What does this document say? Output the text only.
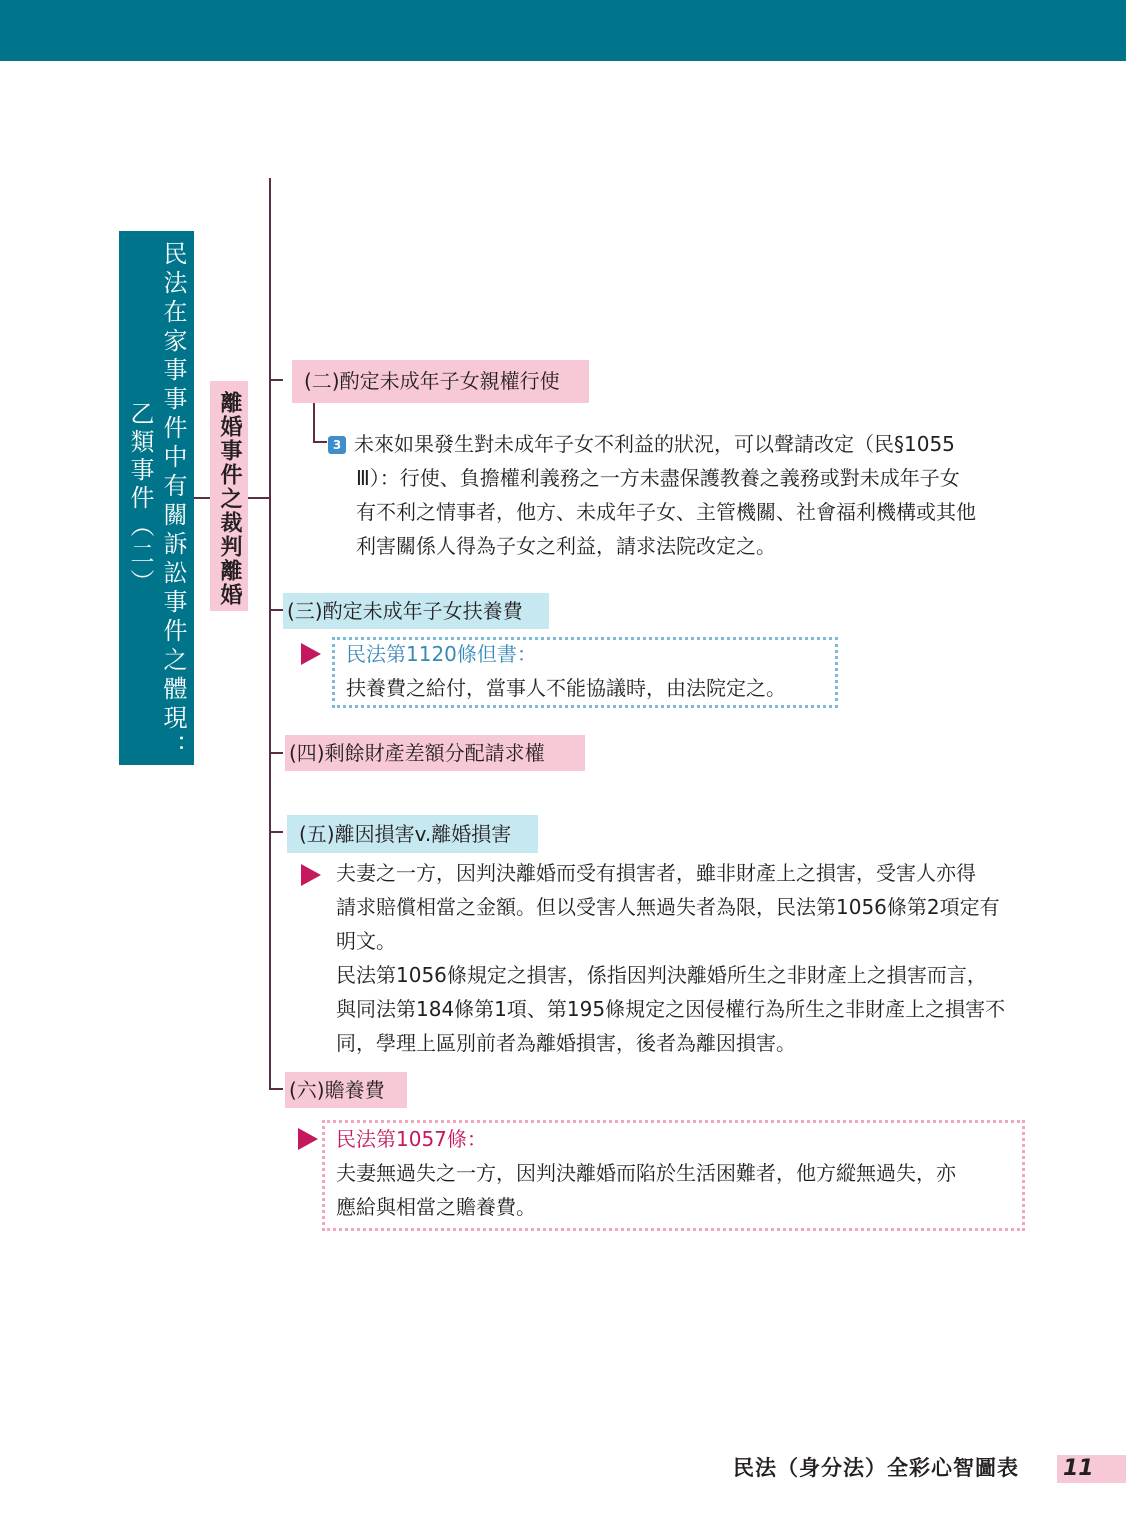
民法在家事事件中有關訴訟事件之體現：
乙類事件（二）	離婚事件之裁判離婚
(二)酌定未成年子女親權行使
3 未來如果發生對未成年子女不利益的狀況，可以聲請改定（民§1055
Ⅲ）：行使、負擔權利義務之一方未盡保護教養之義務或對未成年子女
有不利之情事者，他方、未成年子女、主管機關、社會福利機構或其他
利害關係人得為子女之利益，請求法院改定之。
(三)酌定未成年子女扶養費
民法第1120條但書：
扶養費之給付，當事人不能協議時，由法院定之。
(四)剩餘財產差額分配請求權
(五)離因損害v.離婚損害
夫妻之一方，因判決離婚而受有損害者，雖非財產上之損害，受害人亦得
請求賠償相當之金額。但以受害人無過失者為限，民法第1056條第2項定有
明文。
民法第1056條規定之損害，係指因判決離婚所生之非財產上之損害而言，
與同法第184條第1項、第195條規定之因侵權行為所生之非財產上之損害不
同，學理上區別前者為離婚損害，後者為離因損害。
(六)贍養費
民法第1057條：
夫妻無過失之一方，因判決離婚而陷於生活困難者，他方縱無過失，亦
應給與相當之贍養費。
民法（身分法）全彩心智圖表 11
